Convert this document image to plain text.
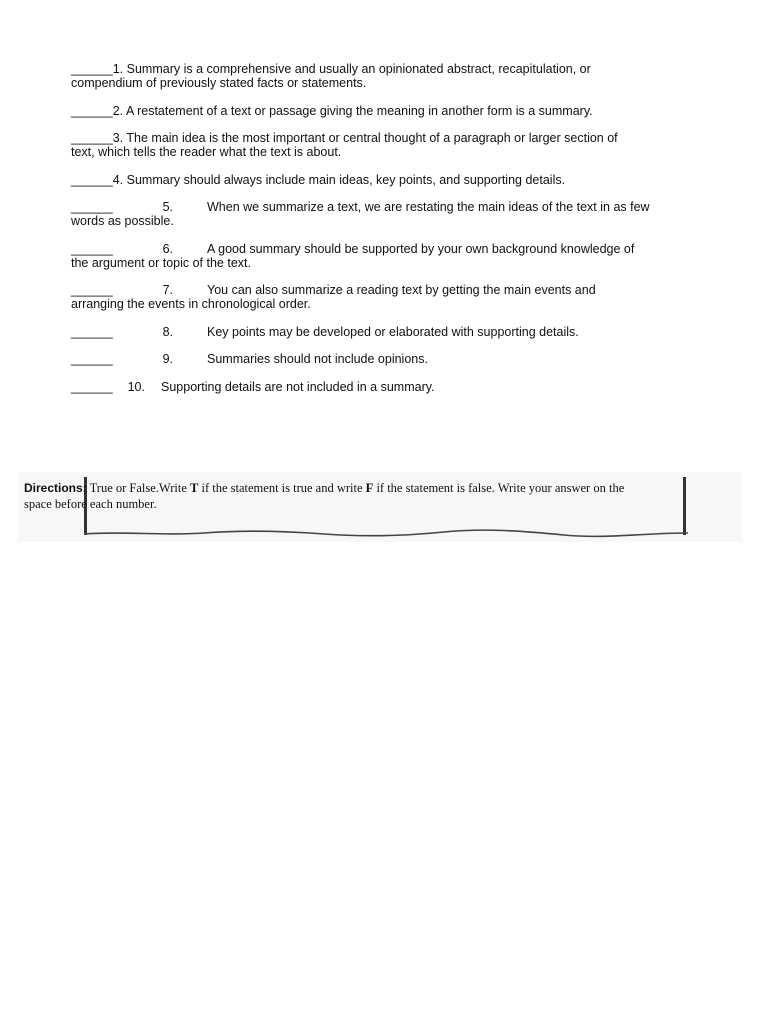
______1. Summary is a comprehensive and usually an opinionated abstract, recapitulation, or
compendium of previously stated facts or statements.
______2. A restatement of a text or passage giving the meaning in another form is a summary.
______3. The main idea is the most important or central thought of a paragraph or larger section of
text, which tells the reader what the text is about.
______4. Summary should always include main ideas, key points, and supporting details.
______	5.	When we summarize a text, we are restating the main ideas of the text in as few
words as possible.
______	6.	A good summary should be supported by your own background knowledge of
the argument or topic of the text.
______	7.	You can also summarize a reading text by getting the main events and
arranging the events in chronological order.
______	8.	Key points may be developed or elaborated with supporting details.
______	9.	Summaries should not include opinions.
______	10. Supporting details are not included in a summary.
Directions: True or False.Write T if the statement is true and write F if the statement is false. Write your answer on the
space before each number.
